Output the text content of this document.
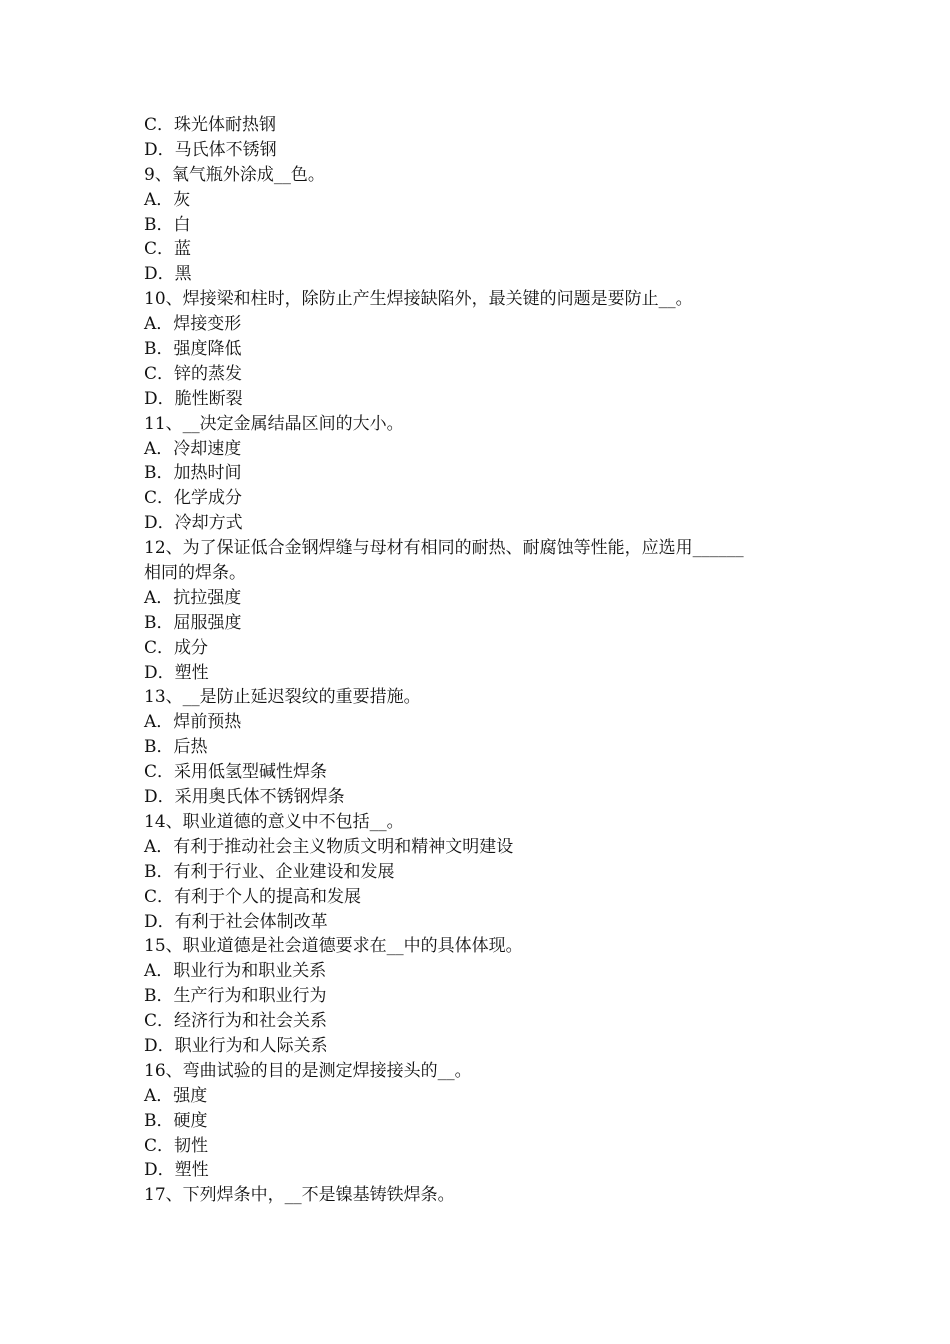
C．珠光体耐热钢
D．马氏体不锈钢
9、氧气瓶外涂成__色。
A．灰
B．白
C．蓝
D．黑
10、焊接梁和柱时，除防止产生焊接缺陷外，最关键的问题是要防止__。
A．焊接变形
B．强度降低
C．锌的蒸发
D．脆性断裂
11、__决定金属结晶区间的大小。
A．冷却速度
B．加热时间
C．化学成分
D．冷却方式
12、为了保证低合金钢焊缝与母材有相同的耐热、耐腐蚀等性能，应选用______
相同的焊条。
A．抗拉强度
B．屈服强度
C．成分
D．塑性
13、__是防止延迟裂纹的重要措施。
A．焊前预热
B．后热
C．采用低氢型碱性焊条
D．采用奥氏体不锈钢焊条
14、职业道德的意义中不包括__。
A．有利于推动社会主义物质文明和精神文明建设
B．有利于行业、企业建设和发展
C．有利于个人的提高和发展
D．有利于社会体制改革
15、职业道德是社会道德要求在__中的具体体现。
A．职业行为和职业关系
B．生产行为和职业行为
C．经济行为和社会关系
D．职业行为和人际关系
16、弯曲试验的目的是测定焊接接头的__。
A．强度
B．硬度
C．韧性
D．塑性
17、下列焊条中，__不是镍基铸铁焊条。
